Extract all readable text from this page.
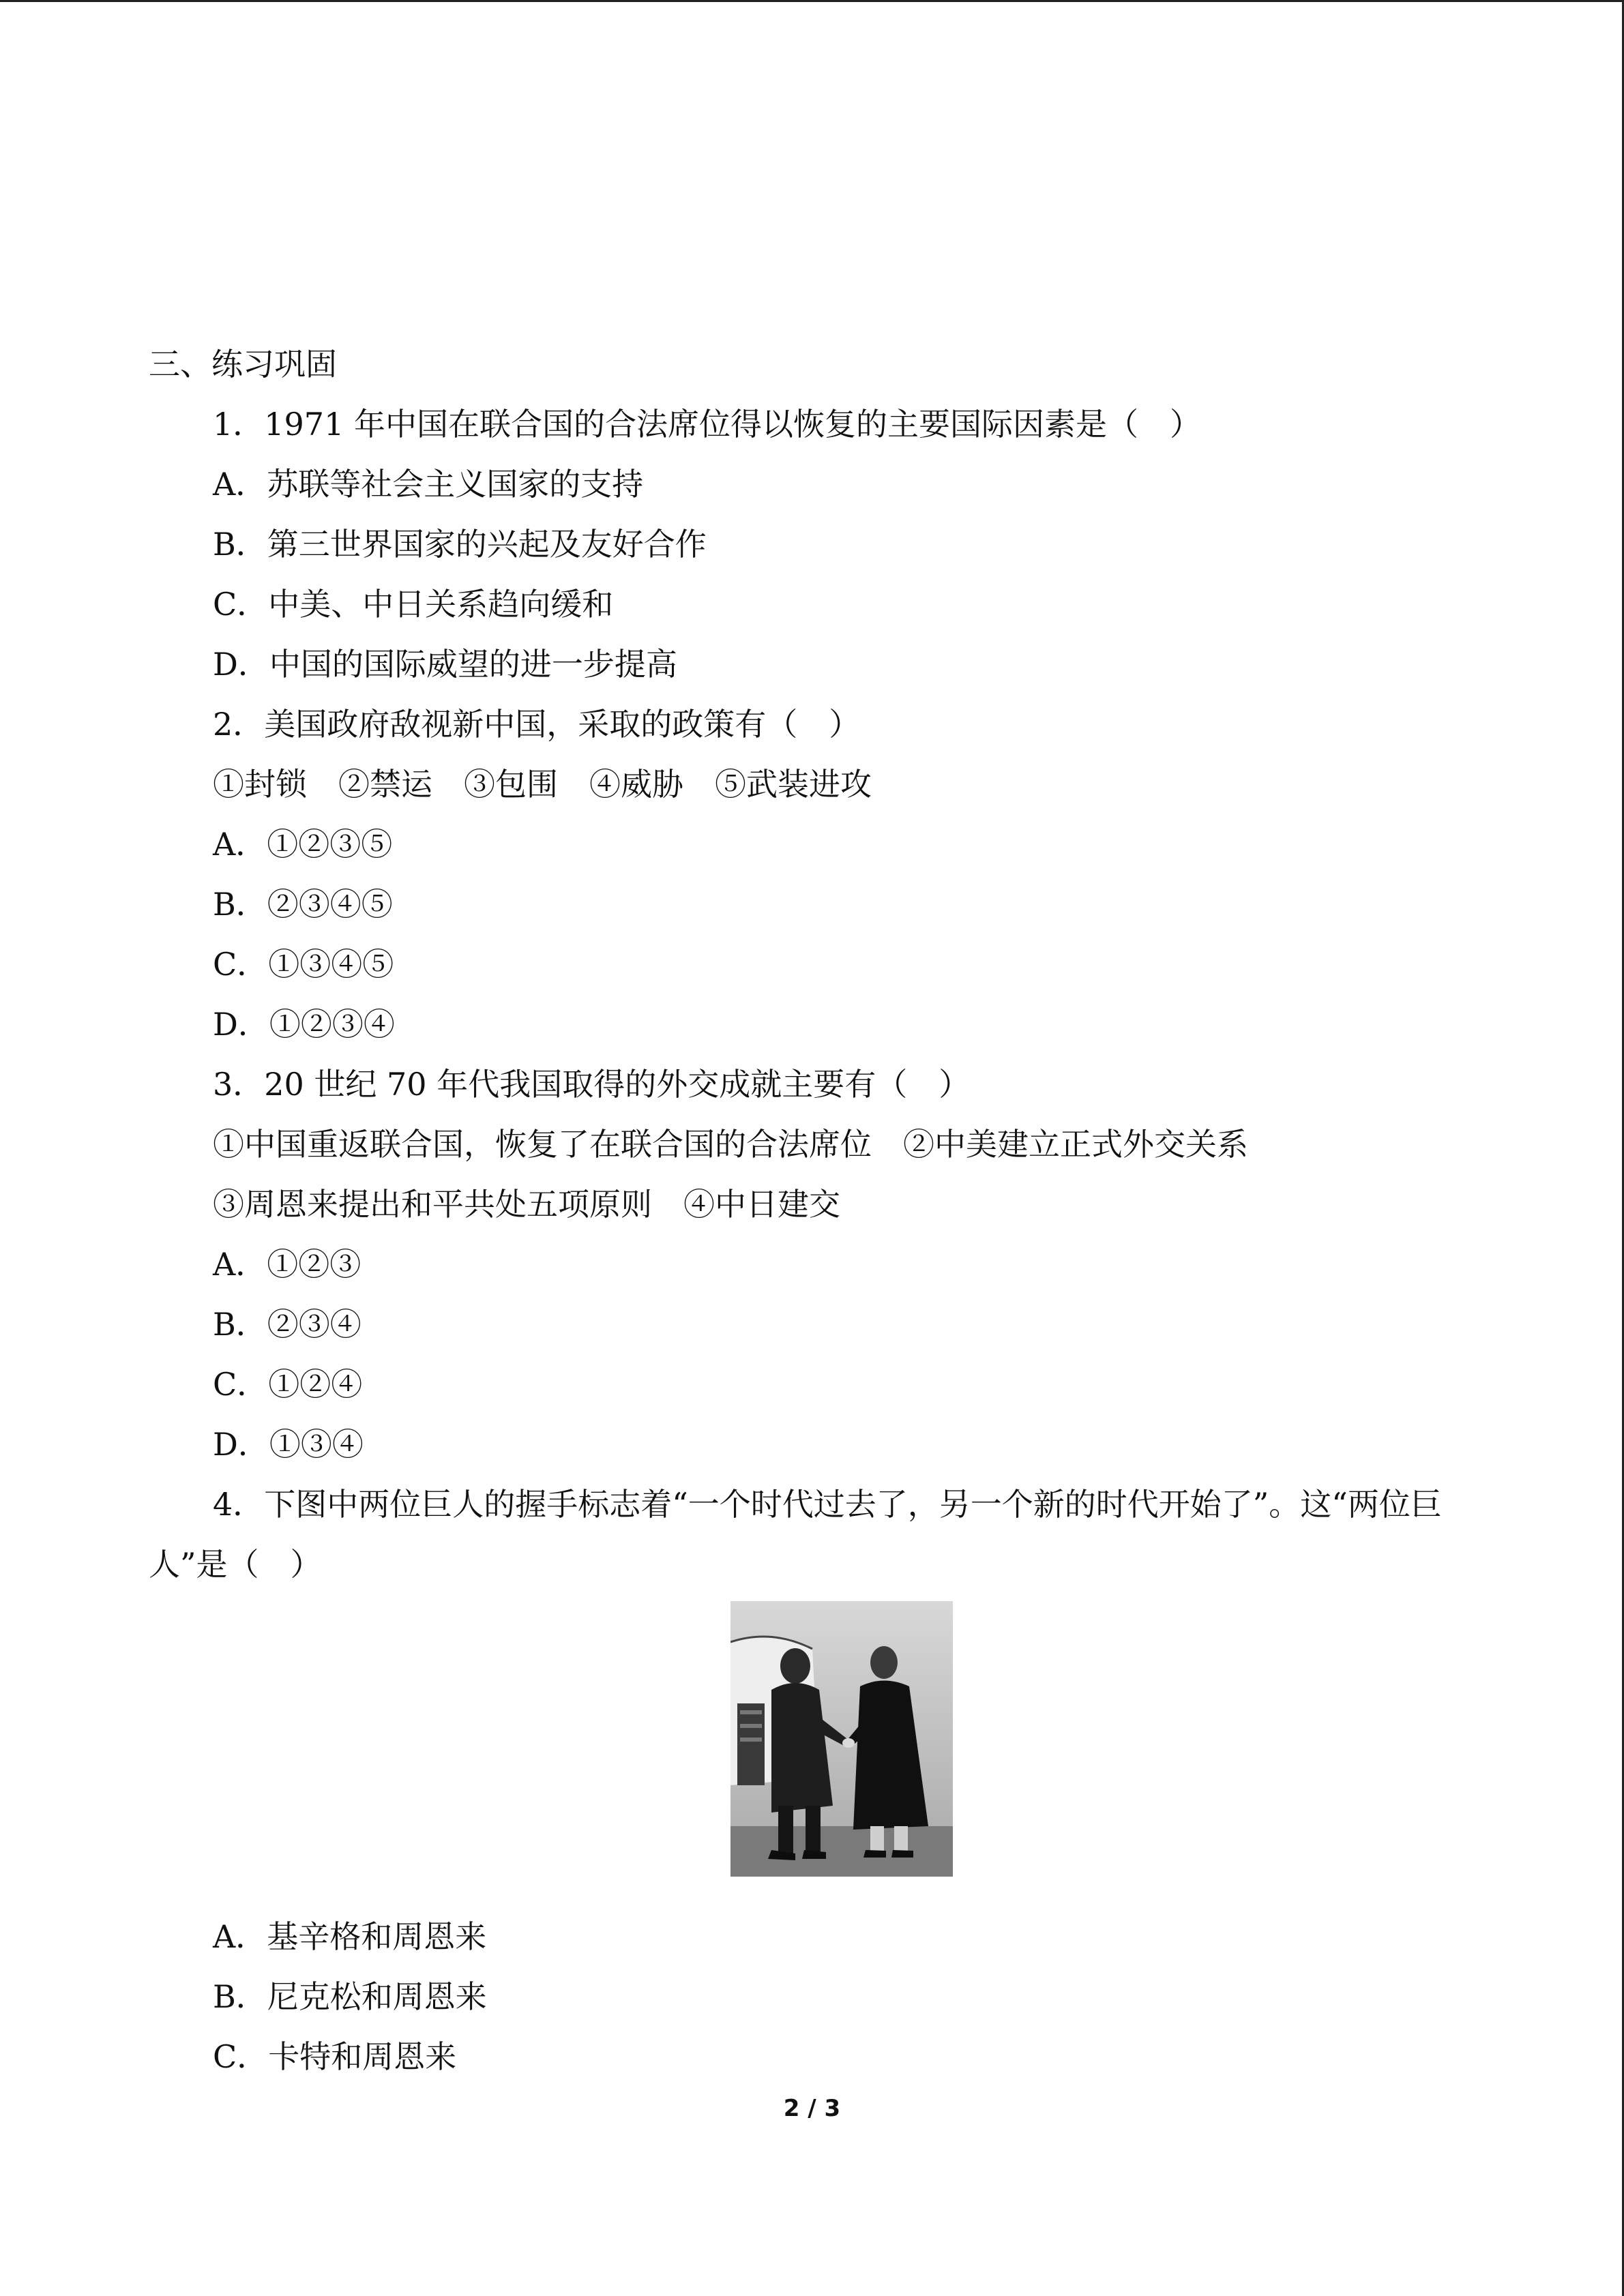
三、练习巩固
1．1971 年中国在联合国的合法席位得以恢复的主要国际因素是（　）
A．苏联等社会主义国家的支持
B．第三世界国家的兴起及友好合作
C．中美、中日关系趋向缓和
D．中国的国际威望的进一步提高
2．美国政府敌视新中国，采取的政策有（　）
①封锁　②禁运　③包围　④威胁　⑤武装进攻
A．①②③⑤
B．②③④⑤
C．①③④⑤
D．①②③④
3．20 世纪 70 年代我国取得的外交成就主要有（　）
①中国重返联合国，恢复了在联合国的合法席位　②中美建立正式外交关系
③周恩来提出和平共处五项原则　④中日建交
A．①②③
B．②③④
C．①②④
D．①③④
4．下图中两位巨人的握手标志着“一个时代过去了，另一个新的时代开始了”。这“两位巨人”是（　）
A．基辛格和周恩来
B．尼克松和周恩来
C．卡特和周恩来
2 / 3
